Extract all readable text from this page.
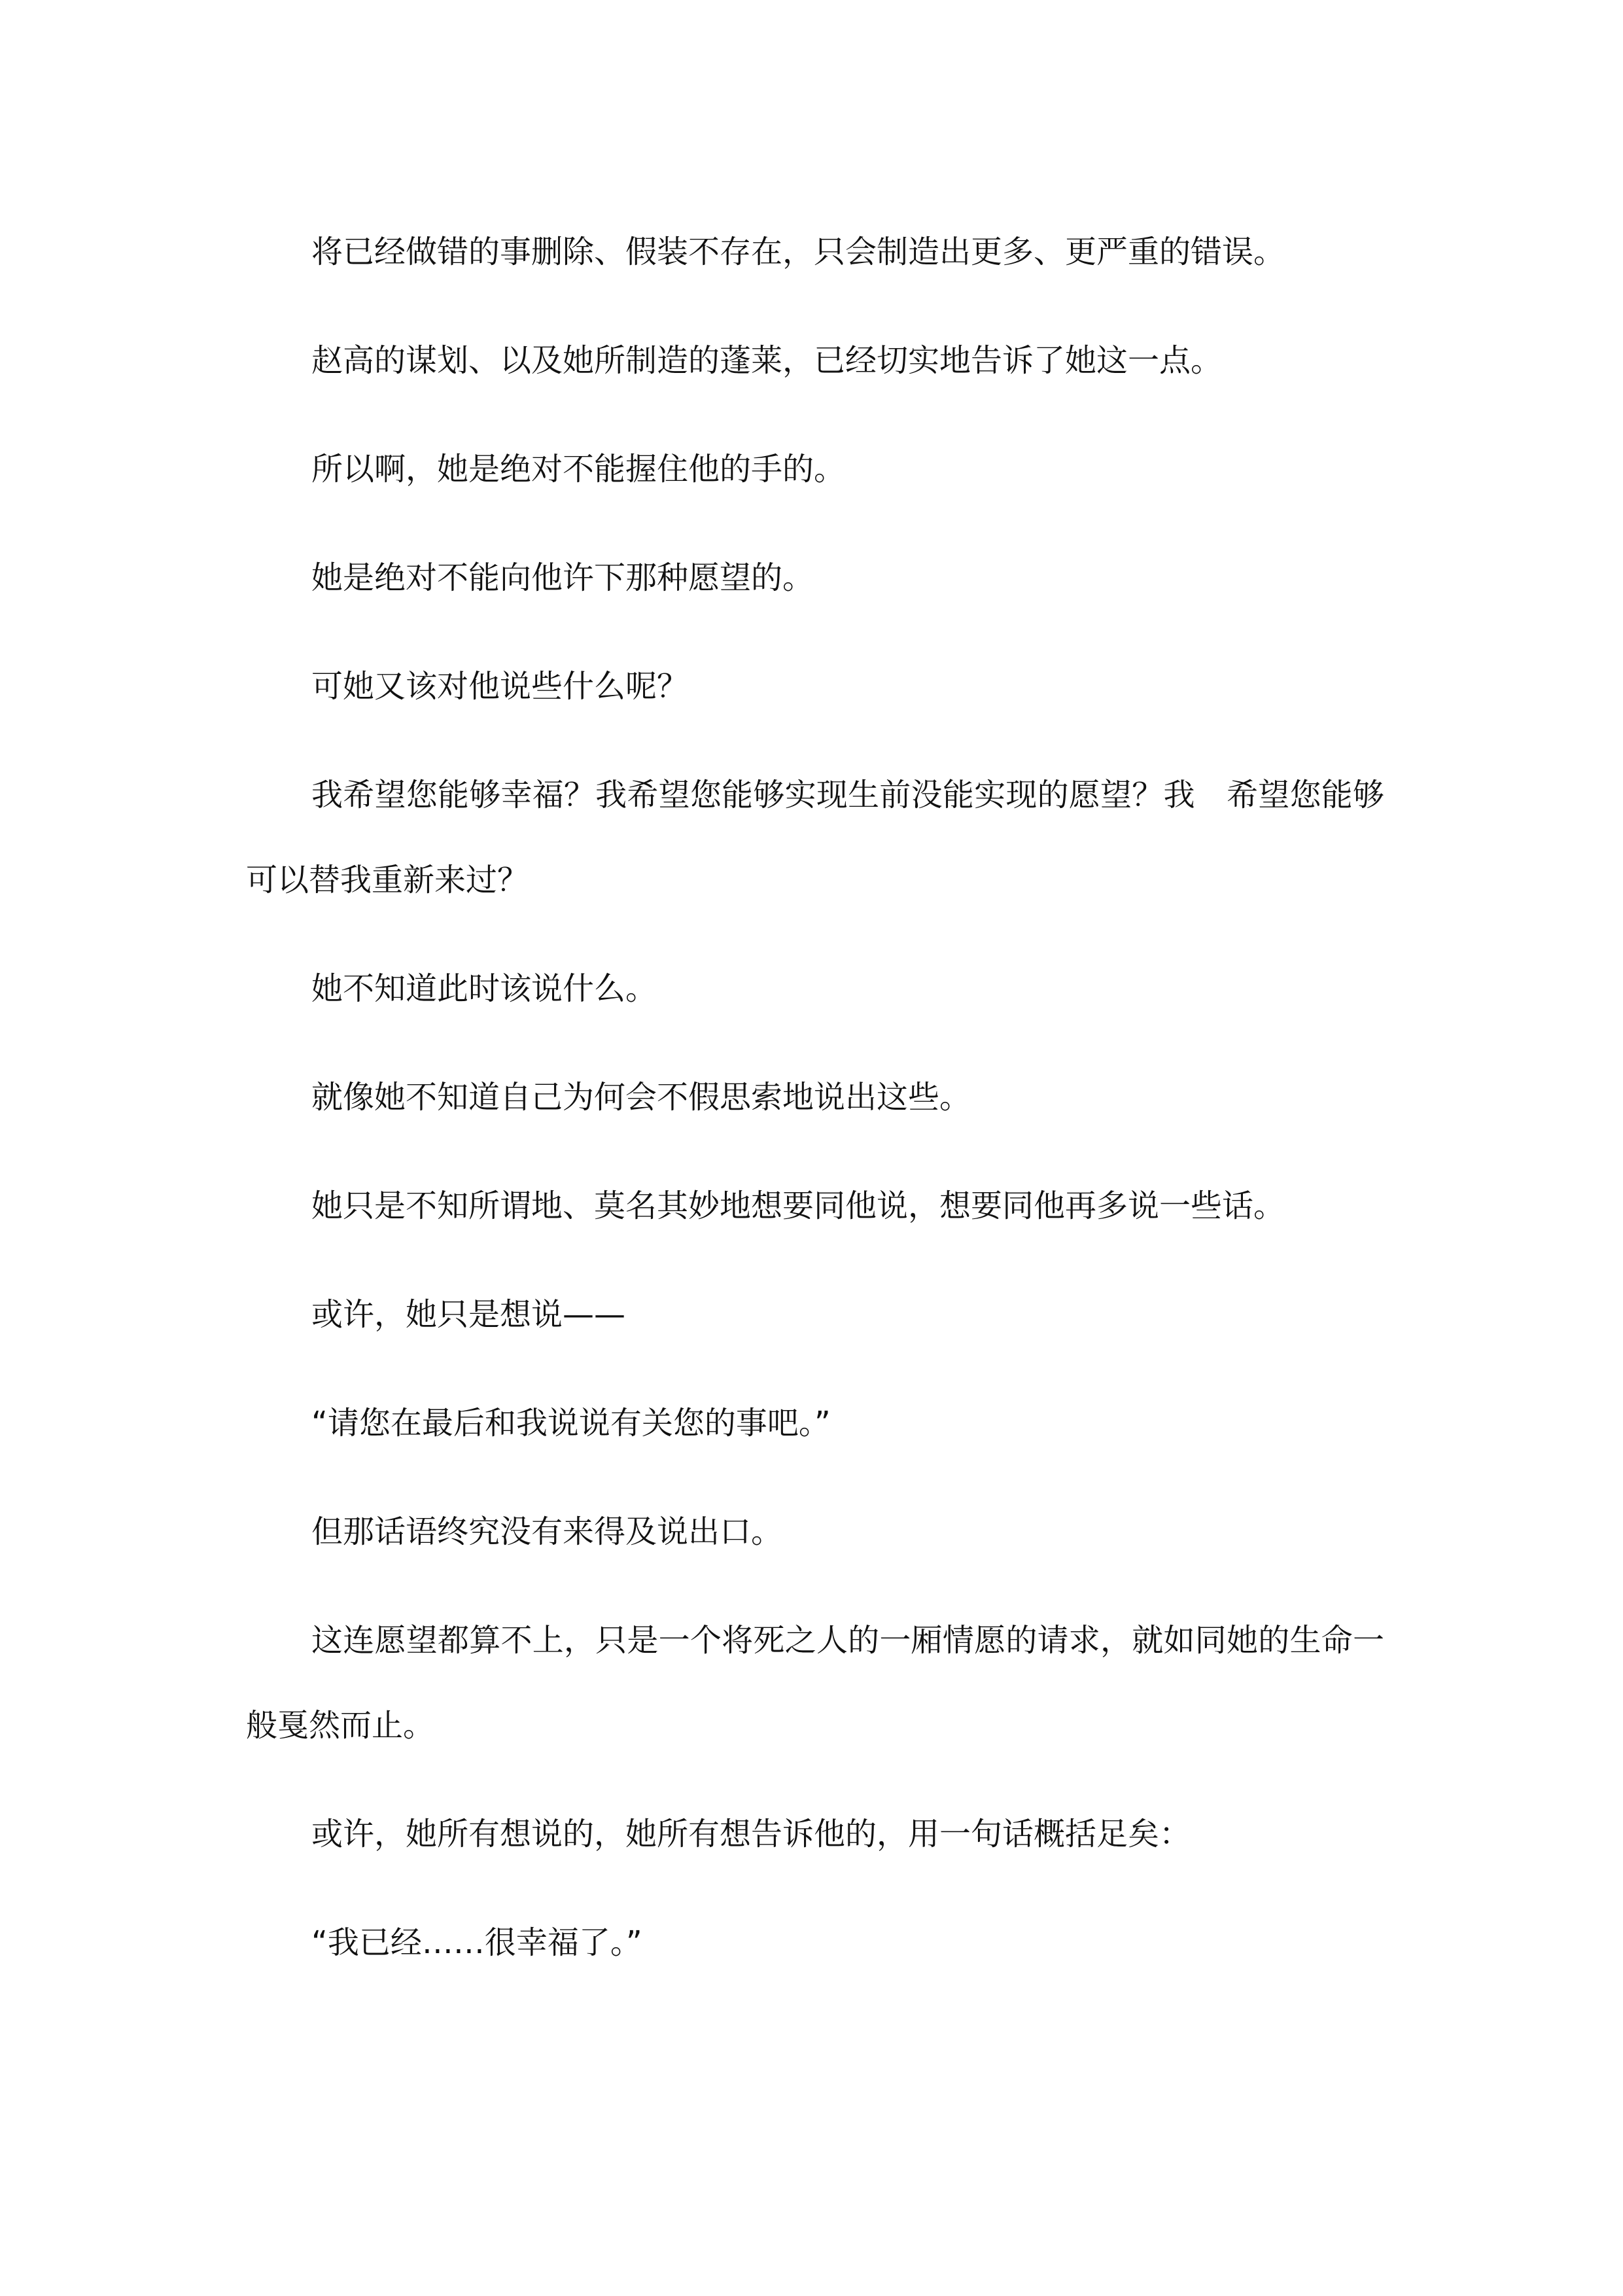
将已经做错的事删除、假装不存在，只会制造出更多、更严重的错误。

赵高的谋划、以及她所制造的蓬莱，已经切实地告诉了她这一点。

所以啊，她是绝对不能握住他的手的。

她是绝对不能向他许下那种愿望的。

可她又该对他说些什么呢？

我希望您能够幸福？我希望您能够实现生前没能实现的愿望？我　希望您能够可以替我重新来过？

她不知道此时该说什么。

就像她不知道自己为何会不假思索地说出这些。

她只是不知所谓地、莫名其妙地想要同他说，想要同他再多说一些话。

或许，她只是想说——

“请您在最后和我说说有关您的事吧。”

但那话语终究没有来得及说出口。

这连愿望都算不上，只是一个将死之人的一厢情愿的请求，就如同她的生命一般戛然而止。

或许，她所有想说的，她所有想告诉他的，用一句话概括足矣：

“我已经……很幸福了。”
